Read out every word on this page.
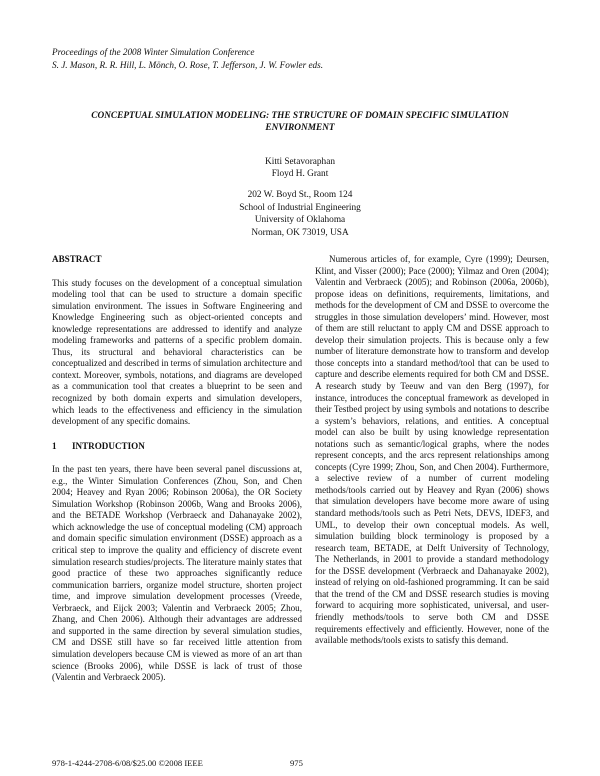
Proceedings of the 2008 Winter Simulation Conference
S. J. Mason, R. R. Hill, L. Mönch, O. Rose, T. Jefferson, J. W. Fowler eds.
CONCEPTUAL SIMULATION MODELING: THE STRUCTURE OF DOMAIN SPECIFIC SIMULATION ENVIRONMENT
Kitti Setavoraphan
Floyd H. Grant
202 W. Boyd St., Room 124
School of Industrial Engineering
University of Oklahoma
Norman, OK 73019, USA

ABSTRACT

This study focuses on the development of a conceptual simulation modeling tool that can be used to structure a domain specific simulation environment. The issues in Software Engineering and Knowledge Engineering such as object-oriented concepts and knowledge representations are addressed to identify and analyze modeling frameworks and patterns of a specific problem domain. Thus, its structural and behavioral characteristics can be conceptualized and described in terms of simulation architecture and context. Moreover, symbols, notations, and diagrams are developed as a communication tool that creates a blueprint to be seen and recognized by both domain experts and simulation developers, which leads to the effectiveness and efficiency in the simulation development of any specific domains.

1 INTRODUCTION

In the past ten years, there have been several panel discussions at, e.g., the Winter Simulation Conferences (Zhou, Son, and Chen 2004; Heavey and Ryan 2006; Robinson 2006a), the OR Society Simulation Workshop (Robinson 2006b, Wang and Brooks 2006), and the BETADE Workshop (Verbraeck and Dahanayake 2002), which acknowledge the use of conceptual modeling (CM) approach and domain specific simulation environment (DSSE) approach as a critical step to improve the quality and efficiency of discrete event simulation research studies/projects. The literature mainly states that good practice of these two approaches significantly reduce communication barriers, organize model structure, shorten project time, and improve simulation development processes (Vreede, Verbraeck, and Eijck 2003; Valentin and Verbraeck 2005; Zhou, Zhang, and Chen 2006). Although their advantages are addressed and supported in the same direction by several simulation studies, CM and DSSE still have so far received little attention from simulation developers because CM is viewed as more of an art than science (Brooks 2006), while DSSE is lack of trust of those (Valentin and Verbraeck 2005).

Numerous articles of, for example, Cyre (1999); Deursen, Klint, and Visser (2000); Pace (2000); Yilmaz and Oren (2004); Valentin and Verbraeck (2005); and Robinson (2006a, 2006b), propose ideas on definitions, requirements, limitations, and methods for the development of CM and DSSE to overcome the struggles in those simulation developers’ mind. However, most of them are still reluctant to apply CM and DSSE approach to develop their simulation projects. This is because only a few number of literature demonstrate how to transform and develop those concepts into a standard method/tool that can be used to capture and describe elements required for both CM and DSSE. A research study by Teeuw and van den Berg (1997), for instance, introduces the conceptual framework as developed in their Testbed project by using symbols and notations to describe a system’s behaviors, relations, and entities. A conceptual model can also be built by using knowledge representation notations such as semantic/logical graphs, where the nodes represent concepts, and the arcs represent relationships among concepts (Cyre 1999; Zhou, Son, and Chen 2004). Furthermore, a selective review of a number of current modeling methods/tools carried out by Heavey and Ryan (2006) shows that simulation developers have become more aware of using standard methods/tools such as Petri Nets, DEVS, IDEF3, and UML, to develop their own conceptual models. As well, simulation building block terminology is proposed by a research team, BETADE, at Delft University of Technology, The Netherlands, in 2001 to provide a standard methodology for the DSSE development (Verbraeck and Dahanayake 2002), instead of relying on old-fashioned programming. It can be said that the trend of the CM and DSSE research studies is moving forward to acquiring more sophisticated, universal, and user-friendly methods/tools to serve both CM and DSSE requirements effectively and efficiently. However, none of the available methods/tools exists to satisfy this demand.

978-1-4244-2708-6/08/$25.00 ©2008 IEEE	975
